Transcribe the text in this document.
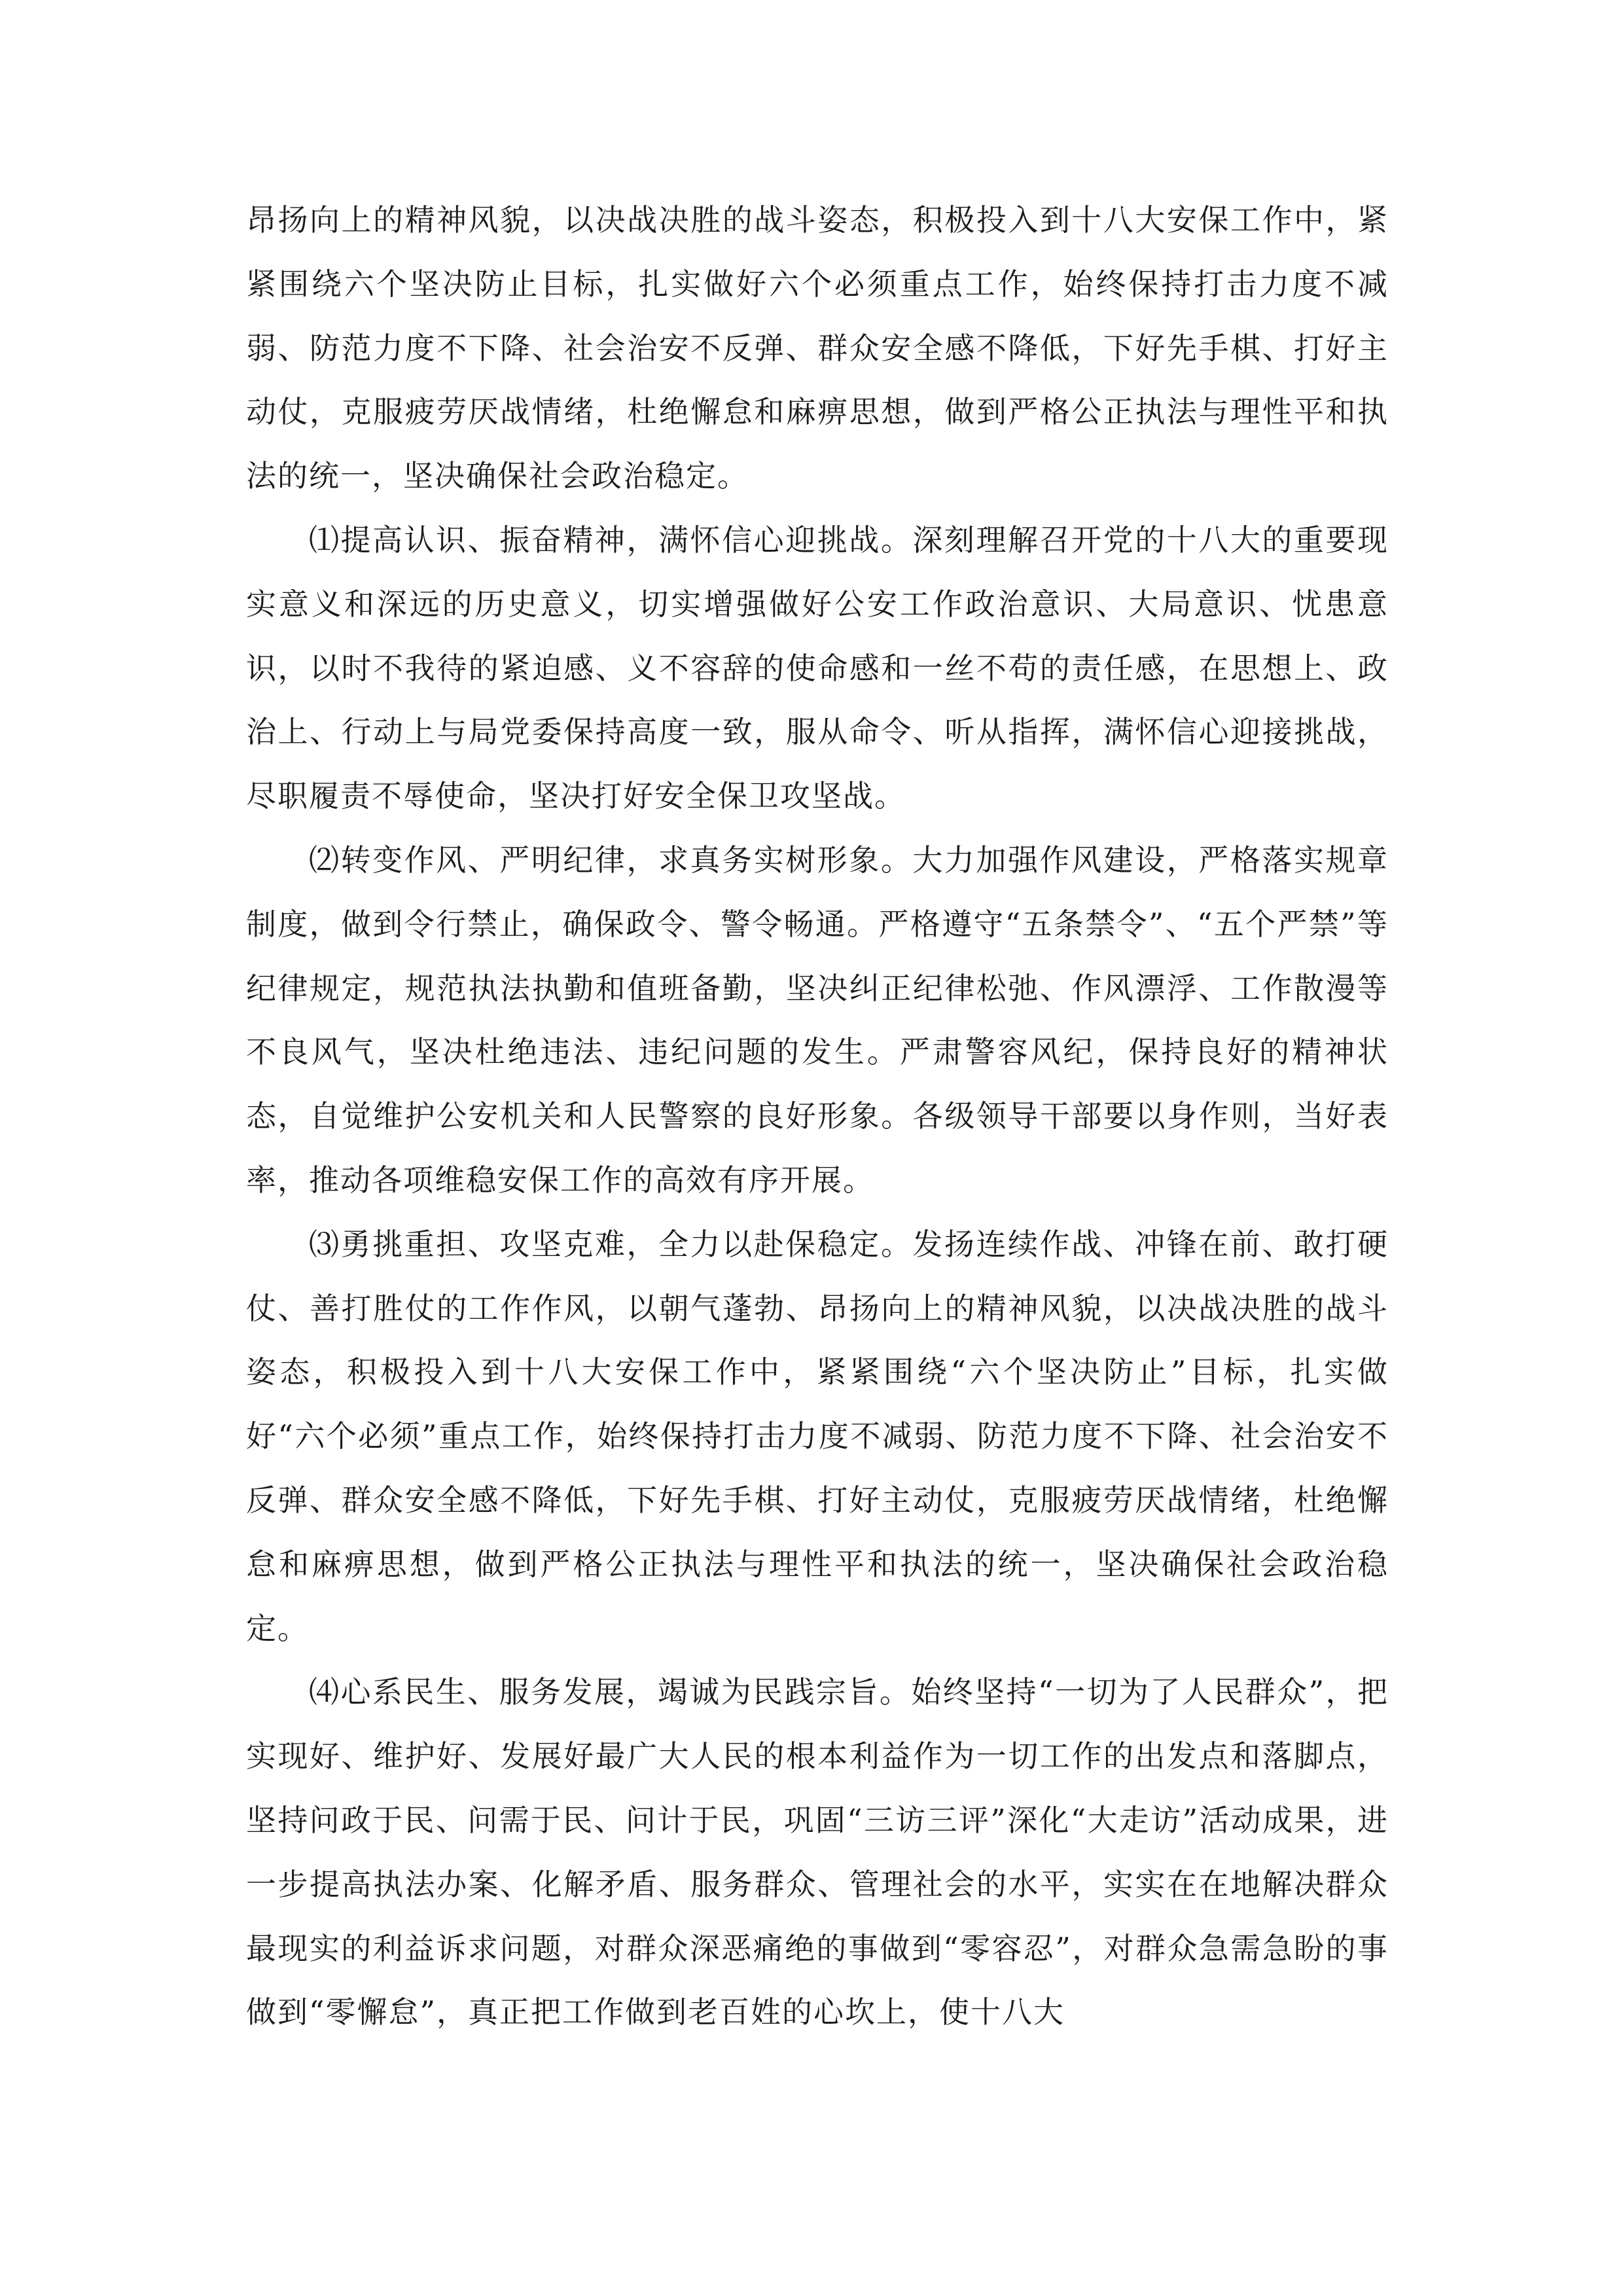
昂扬向上的精神风貌，以决战决胜的战斗姿态，积极投入到十八大安保工作中，紧紧围绕六个坚决防止目标，扎实做好六个必须重点工作，始终保持打击力度不减弱、防范力度不下降、社会治安不反弹、群众安全感不降低，下好先手棋、打好主动仗，克服疲劳厌战情绪，杜绝懈怠和麻痹思想，做到严格公正执法与理性平和执法的统一，坚决确保社会政治稳定。

⑴提高认识、振奋精神，满怀信心迎挑战。深刻理解召开党的十八大的重要现实意义和深远的历史意义，切实增强做好公安工作政治意识、大局意识、忧患意识，以时不我待的紧迫感、义不容辞的使命感和一丝不苟的责任感，在思想上、政治上、行动上与局党委保持高度一致，服从命令、听从指挥，满怀信心迎接挑战，尽职履责不辱使命，坚决打好安全保卫攻坚战。

⑵转变作风、严明纪律，求真务实树形象。大力加强作风建设，严格落实规章制度，做到令行禁止，确保政令、警令畅通。严格遵守“五条禁令”、“五个严禁”等纪律规定，规范执法执勤和值班备勤，坚决纠正纪律松弛、作风漂浮、工作散漫等不良风气，坚决杜绝违法、违纪问题的发生。严肃警容风纪，保持良好的精神状态，自觉维护公安机关和人民警察的良好形象。各级领导干部要以身作则，当好表率，推动各项维稳安保工作的高效有序开展。

⑶勇挑重担、攻坚克难，全力以赴保稳定。发扬连续作战、冲锋在前、敢打硬仗、善打胜仗的工作作风，以朝气蓬勃、昂扬向上的精神风貌，以决战决胜的战斗姿态，积极投入到十八大安保工作中，紧紧围绕“六个坚决防止”目标，扎实做好“六个必须”重点工作，始终保持打击力度不减弱、防范力度不下降、社会治安不反弹、群众安全感不降低，下好先手棋、打好主动仗，克服疲劳厌战情绪，杜绝懈怠和麻痹思想，做到严格公正执法与理性平和执法的统一，坚决确保社会政治稳定。

⑷心系民生、服务发展，竭诚为民践宗旨。始终坚持“一切为了人民群众”，把实现好、维护好、发展好最广大人民的根本利益作为一切工作的出发点和落脚点，坚持问政于民、问需于民、问计于民，巩固“三访三评”深化“大走访”活动成果，进一步提高执法办案、化解矛盾、服务群众、管理社会的水平，实实在在地解决群众最现实的利益诉求问题，对群众深恶痛绝的事做到“零容忍”，对群众急需急盼的事做到“零懈怠”，真正把工作做到老百姓的心坎上，使十八大
